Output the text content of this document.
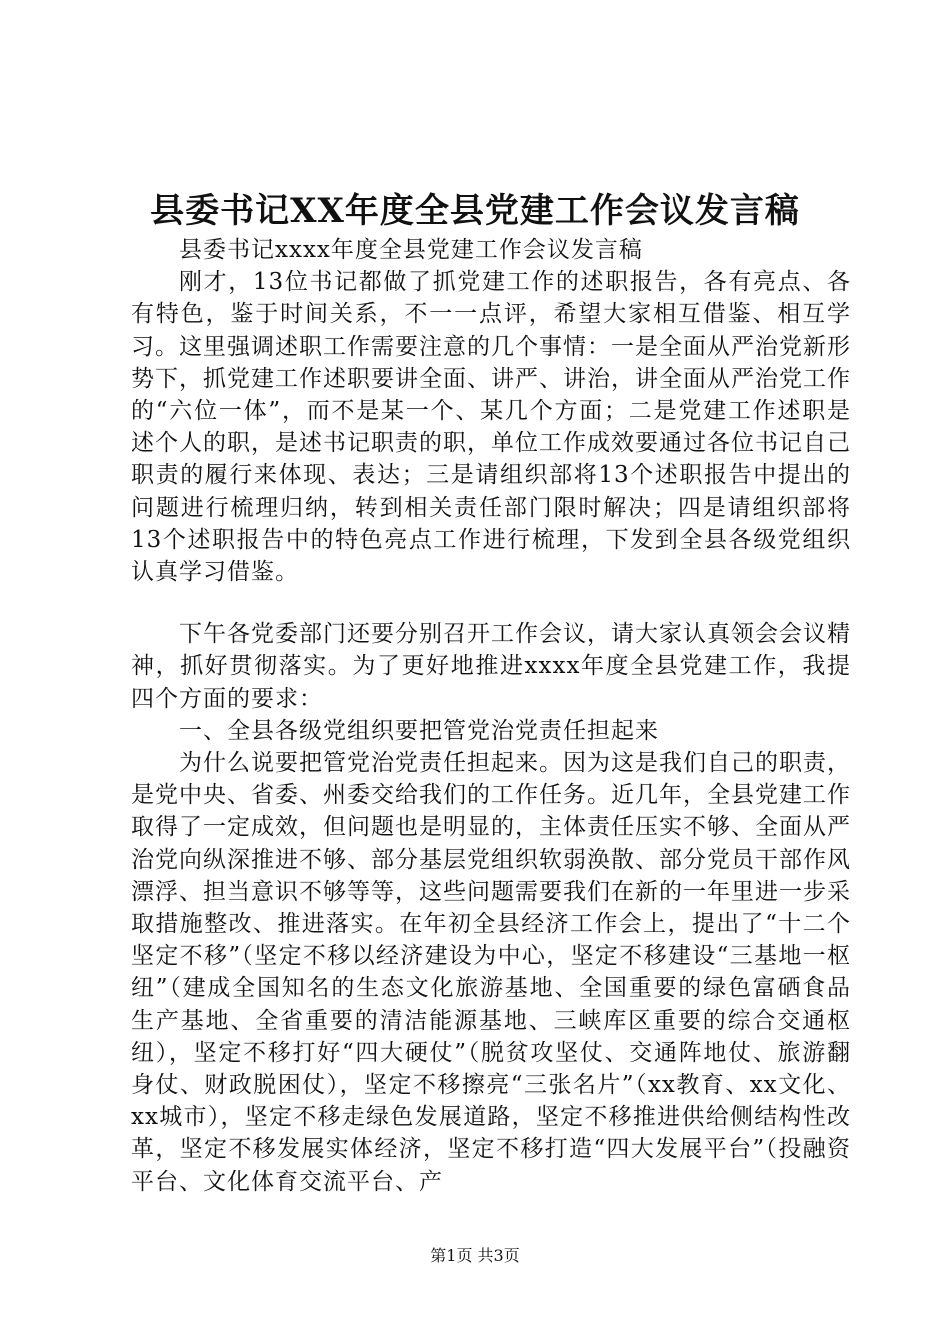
县委书记XX年度全县党建工作会议发言稿

县委书记xxxx年度全县党建工作会议发言稿

刚才，13位书记都做了抓党建工作的述职报告，各有亮点、各有特色，鉴于时间关系，不一一点评，希望大家相互借鉴、相互学习。这里强调述职工作需要注意的几个事情：一是全面从严治党新形势下，抓党建工作述职要讲全面、讲严、讲治，讲全面从严治党工作的“六位一体”，而不是某一个、某几个方面；二是党建工作述职是述个人的职，是述书记职责的职，单位工作成效要通过各位书记自己职责的履行来体现、表达；三是请组织部将13个述职报告中提出的问题进行梳理归纳，转到相关责任部门限时解决；四是请组织部将13个述职报告中的特色亮点工作进行梳理，下发到全县各级党组织认真学习借鉴。

下午各党委部门还要分别召开工作会议，请大家认真领会会议精神，抓好贯彻落实。为了更好地推进xxxx年度全县党建工作，我提四个方面的要求：

一、全县各级党组织要把管党治党责任担起来

为什么说要把管党治党责任担起来。因为这是我们自己的职责，是党中央、省委、州委交给我们的工作任务。近几年，全县党建工作取得了一定成效，但问题也是明显的，主体责任压实不够、全面从严治党向纵深推进不够、部分基层党组织软弱涣散、部分党员干部作风漂浮、担当意识不够等等，这些问题需要我们在新的一年里进一步采取措施整改、推进落实。在年初全县经济工作会上，提出了“十二个坚定不移”（坚定不移以经济建设为中心，坚定不移建设“三基地一枢纽”（建成全国知名的生态文化旅游基地、全国重要的绿色富硒食品生产基地、全省重要的清洁能源基地、三峡库区重要的综合交通枢纽），坚定不移打好“四大硬仗”（脱贫攻坚仗、交通阵地仗、旅游翻身仗、财政脱困仗），坚定不移擦亮“三张名片”（xx教育、xx文化、xx城市），坚定不移走绿色发展道路，坚定不移推进供给侧结构性改革，坚定不移发展实体经济，坚定不移打造“四大发展平台”（投融资平台、文化体育交流平台、产

第1页 共3页
